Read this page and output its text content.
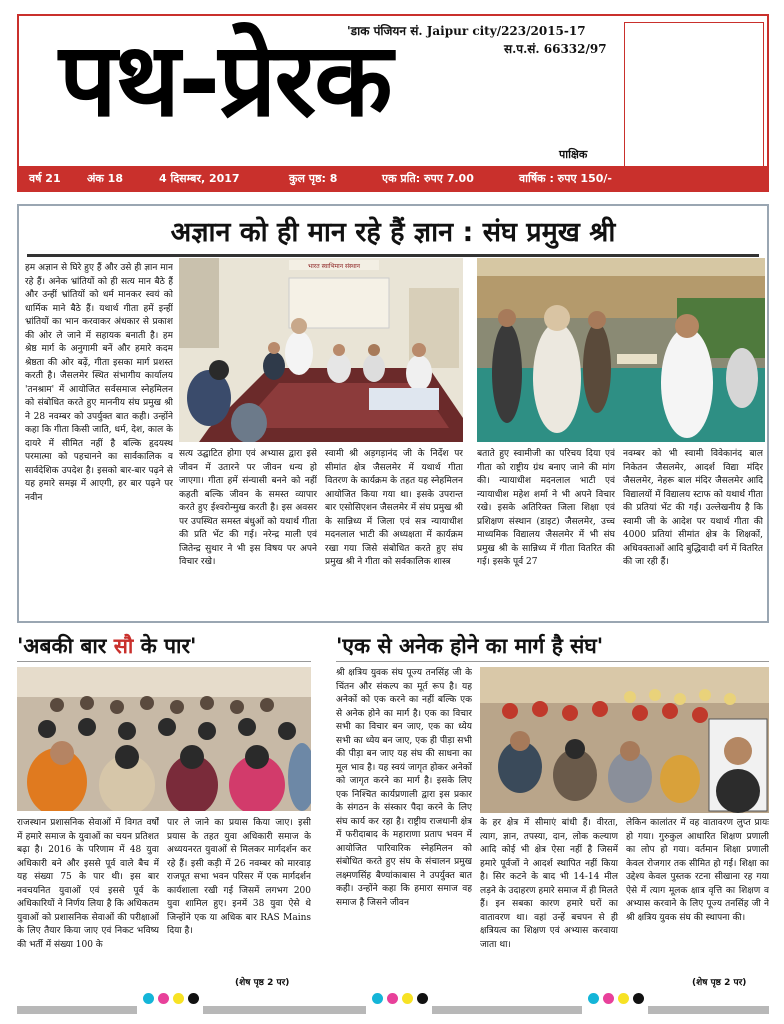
'डाक पंजियन सं. Jaipur city/223/2015-17
स.प.सं. 66332/97
पथ-प्रेरक
पाक्षिक
वर्ष 21 अंक 18	4 दिसम्बर, 2017	कुल पृष्ठ: 8	एक प्रति: रुपए 7.00	वार्षिक : रुपए 150/-
अज्ञान को ही मान रहे हैं ज्ञान : संघ प्रमुख श्री
हम अज्ञान से घिरे हुए हैं और उसे ही ज्ञान मान रहे हैं। अनेक भ्रांतियों को ही सत्य मान बैठे हैं और उन्हीं भ्रांतियों को धर्म मानकर स्वयं को धार्मिक माने बैठे हैं। यथार्थ गीता हमें इन्हीं भ्रांतियों का भान करवाकर अंधकार से प्रकाश की ओर ले जाने में सहायक बनाती है। हम श्रेष्ठ मार्ग के अनुगामी बनें और हमारे कदम श्रेष्ठता की ओर बढ़ें, गीता इसका मार्ग प्रशस्त करती है। जैसलमेर स्थित संभागीय कार्यालय 'तनश्राम' में आयोजित सर्वसमाज स्नेहमिलन को संबोधित करते हुए माननीय संघ प्रमुख श्री ने 28 नवम्बर को उपर्युक्त बात कही। उन्होंने कहा कि गीता किसी जाति, धर्म, देश, काल के दायरे में सीमित नहीं है बल्कि हृदयस्थ परमात्मा को पहचानने का सार्वकालिक व सार्वदेशिक उपदेश है। इसको बार-बार पढ़ने से यह हमारे समझ में आएगी, हर बार पढ़ने पर नवीन
भारत स्वाभिमान संस्थान
सत्य उद्घाटित होगा एवं अभ्यास द्वारा इसे जीवन में उतारने पर जीवन धन्य हो जाएगा। गीता हमें संन्यासी बनने को नहीं कहती बल्कि जीवन के समस्त व्यापार करते हुए ईश्वरोन्मुख करती है। इस अवसर पर उपस्थित समस्त बंधुओं को यथार्थ गीता की प्रति भेंट की गई। नरेन्द्र माली एवं जितेन्द्र सुथार ने भी इस विषय पर अपने विचार रखे।
स्वामी श्री अड़गड़ानंद जी के निर्देश पर सीमांत क्षेत्र जैसलमेर में यथार्थ गीता वितरण के कार्यक्रम के तहत यह स्नेहमिलन आयोजित किया गया था। इसके उपरान्त बार एसोसिएशन जैसलमेर में संघ प्रमुख श्री के सान्निध्य में जिला एवं सत्र न्यायाधीश मदनलाल भाटी की अध्यक्षता में कार्यक्रम रखा गया जिसे संबोधित करते हुए संघ प्रमुख श्री ने गीता को सर्वकालिक शास्त्र
बताते हुए स्वामीजी का परिचय दिया एवं गीता को राष्ट्रीय ग्रंथ बनाए जाने की मांग की। न्यायाधीश मदनलाल भाटी एवं न्यायाधीश महेश शर्मा ने भी अपने विचार रखे। इसके अतिरिक्त जिला शिक्षा एवं प्रशिक्षण संस्थान (डाइट) जैसलमेर, उच्च माध्यमिक विद्यालय जैसलमेर में भी संघ प्रमुख श्री के सान्निध्य में गीता वितरित की गई। इसके पूर्व 27
नवम्बर को भी स्वामी विवेकानंद बाल निकेतन जैसलमेर, आदर्श विद्या मंदिर जैसलमेर, नेहरू बाल मंदिर जैसलमेर आदि विद्यालयों में विद्यालय स्टाफ को यथार्थ गीता की प्रतियां भेंट की गईं। उल्लेखनीय है कि स्वामी जी के आदेश पर यथार्थ गीता की 4000 प्रतियां सीमांत क्षेत्र के शिक्षकों, अधिवक्ताओं आदि बुद्धिवादी वर्ग में वितरित की जा रही हैं।
'अबकी बार सौ के पार'
राजस्थान प्रशासनिक सेवाओं में विगत वर्षों में हमारे समाज के युवाओं का चयन प्रतिशत बढ़ा है। 2016 के परिणाम में 48 युवा अधिकारी बने और इससे पूर्व वाले बैच में यह संख्या 75 के पार थी। इस बार नवचयनित युवाओं एवं इससे पूर्व के अधिकारियों ने निर्णय लिया है कि अधिकतम युवाओं को प्रशासनिक सेवाओं की परीक्षाओं के लिए तैयार किया जाए एवं निकट भविष्य की भर्ती में संख्या 100 के
पार ले जाने का प्रयास किया जाए। इसी प्रयास के तहत युवा अधिकारी समाज के अध्ययनरत युवाओं से मिलकर मार्गदर्शन कर रहे हैं। इसी कड़ी में 26 नवम्बर को मारवाड़ राजपूत सभा भवन परिसर में एक मार्गदर्शन कार्यशाला रखी गई जिसमें लगभग 200 युवा शामिल हुए। इनमें 38 युवा ऐसे थे जिन्होंने एक या अधिक बार RAS Mains दिया है।
(शेष पृष्ठ 2 पर)
'एक से अनेक होने का मार्ग है संघ'
श्री क्षत्रिय युवक संघ पूज्य तनसिंह जी के चिंतन और संकल्प का मूर्त रूप है। यह अनेकों को एक करने का नहीं बल्कि एक से अनेक होने का मार्ग है। एक का विचार सभी का विचार बन जाए, एक का ध्येय सभी का ध्येय बन जाए, एक ही पीड़ा सभी की पीड़ा बन जाए यह संघ की साधना का मूल भाव है। यह स्वयं जागृत होकर अनेकों को जागृत करने का मार्ग है। इसके लिए एक निश्चित कार्यप्रणाली द्वारा इस प्रकार के संगठन के संस्कार पैदा करने के लिए संघ कार्य कर रहा है। राष्ट्रीय राजधानी क्षेत्र में फरीदाबाद के महाराणा प्रताप भवन में आयोजित पारिवारिक स्नेहमिलन को संबोधित करते हुए संघ के संचालन प्रमुख लक्ष्मणसिंह बैण्यांकाबास ने उपर्युक्त बात कही। उन्होंने कहा कि हमारा समाज वह समाज है जिसने जीवन
के हर क्षेत्र में सीमाएं बांधी हैं। वीरता, त्याग, ज्ञान, तपस्या, दान, लोक कल्याण आदि कोई भी क्षेत्र ऐसा नहीं है जिसमें हमारे पूर्वजों ने आदर्श स्थापित नहीं किया है। सिर कटने के बाद भी 14-14 मील लड़ने के उदाहरण हमारे समाज में ही मिलते हैं। इन सबका कारण हमारे घरों का वातावरण था। वहां उन्हें बचपन से ही क्षत्रियत्व का शिक्षण एवं अभ्यास करवाया जाता था।
लेकिन कालांतर में वह वातावरण लुप्त प्रायः हो गया। गुरुकुल आधारित शिक्षण प्रणाली का लोप हो गया। वर्तमान शिक्षा प्रणाली केवल रोजगार तक सीमित हो गई। शिक्षा का उद्देश्य केवल पुस्तक रटना सीखाना रह गया ऐसे में त्याग मूलक क्षात्र वृत्ति का शिक्षण व अभ्यास करवाने के लिए पूज्य तनसिंह जी ने श्री क्षत्रिय युवक संघ की स्थापना की।
(शेष पृष्ठ 2 पर)
